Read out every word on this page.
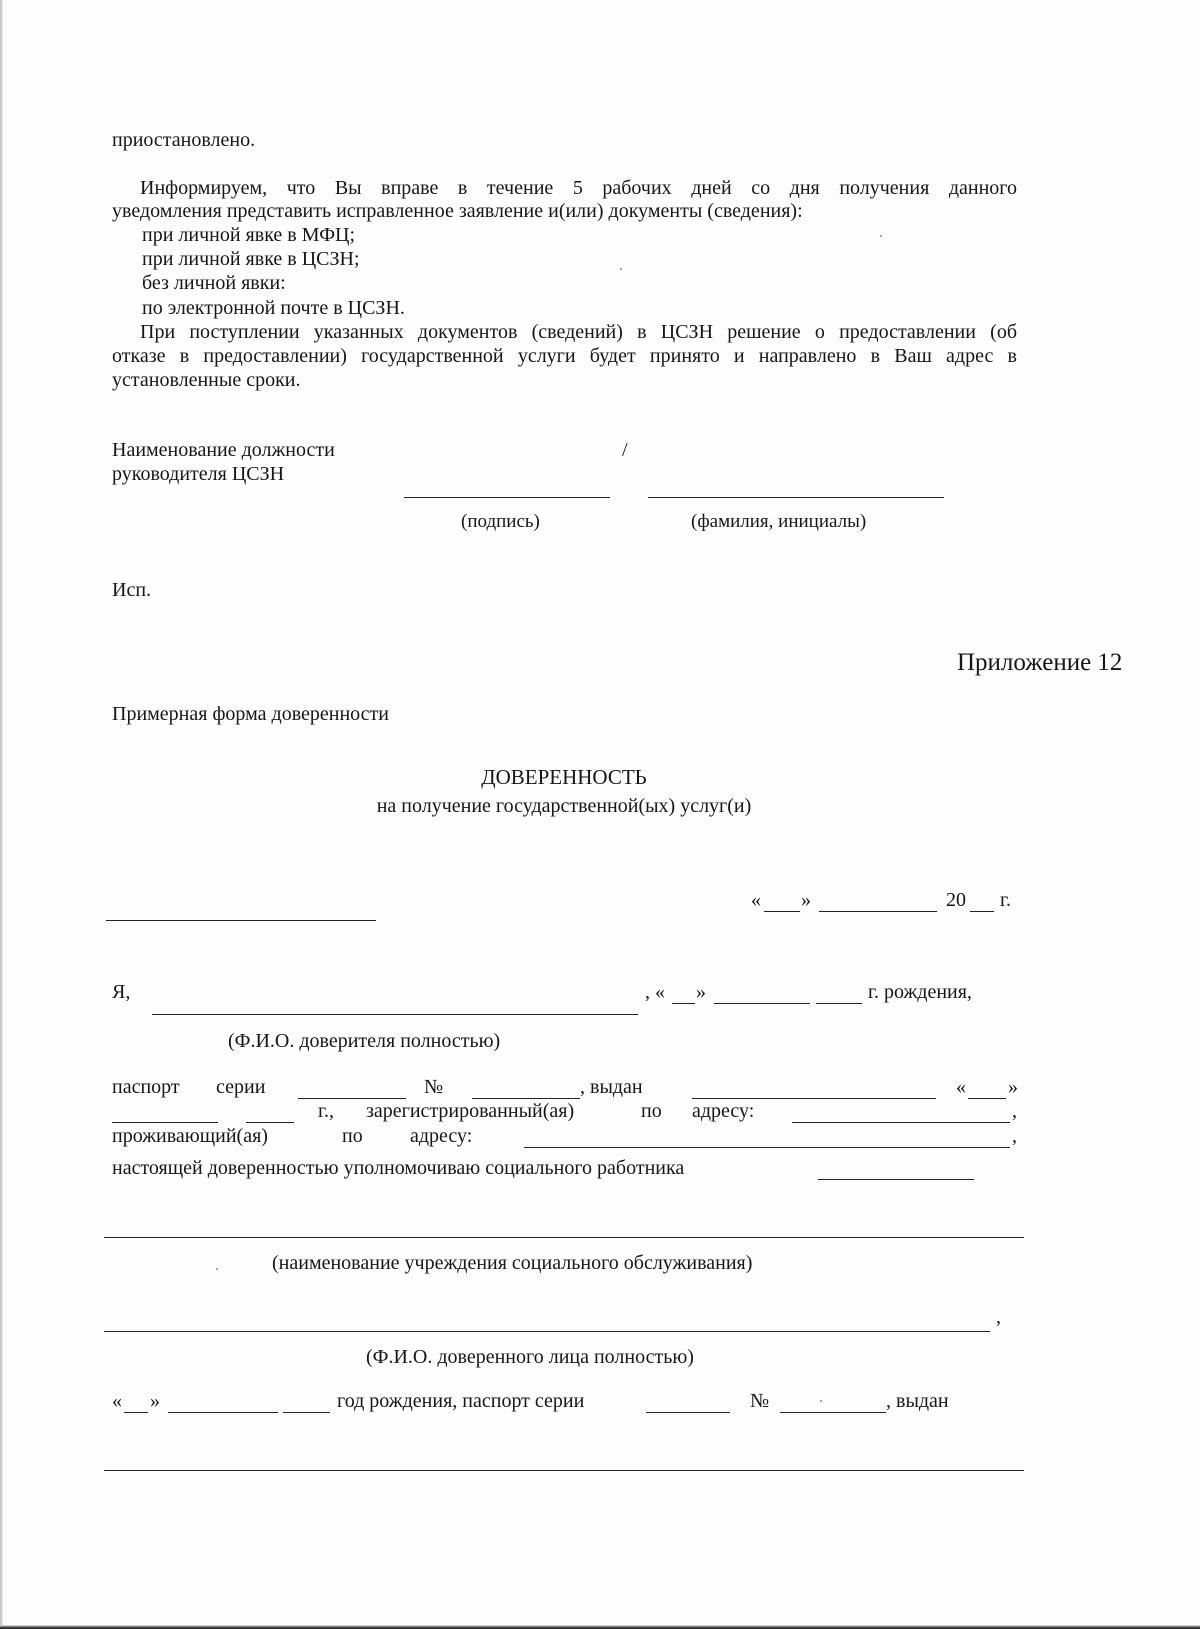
приостановлено.

Информируем, что Вы вправе в течение 5 рабочих дней со дня получения данного

уведомления представить исправленное заявление и(или) документы (сведения):

при личной явке в МФЦ;

при личной явке в ЦСЗН;

без личной явки:

по электронной почте в ЦСЗН.

При поступлении указанных документов (сведений) в ЦСЗН решение о предоставлении (об

отказе в предоставлении) государственной услуги будет принято и направлено в Ваш адрес в

установленные сроки.

Наименование должности

руководителя ЦСЗН

/

(подпись)	(фамилия, инициалы)

Исп.

Приложение 12

Примерная форма доверенности

ДОВЕРЕННОСТЬ

на получение государственной(ых) услуг(и)

« »	20 г.

Я,	, « »	г. рождения,

(Ф.И.О. доверителя полностью)

паспорт серии	№	, выдан	« »

г., зарегистрированный(ая)	по адресу:	,

проживающий(ая)	по адресу:	,

настоящей доверенностью уполномочиваю социального работника

(наименование учреждения социального обслуживания)

,

(Ф.И.О. доверенного лица полностью)

« »	год рождения, паспорт серии	№	, выдан
